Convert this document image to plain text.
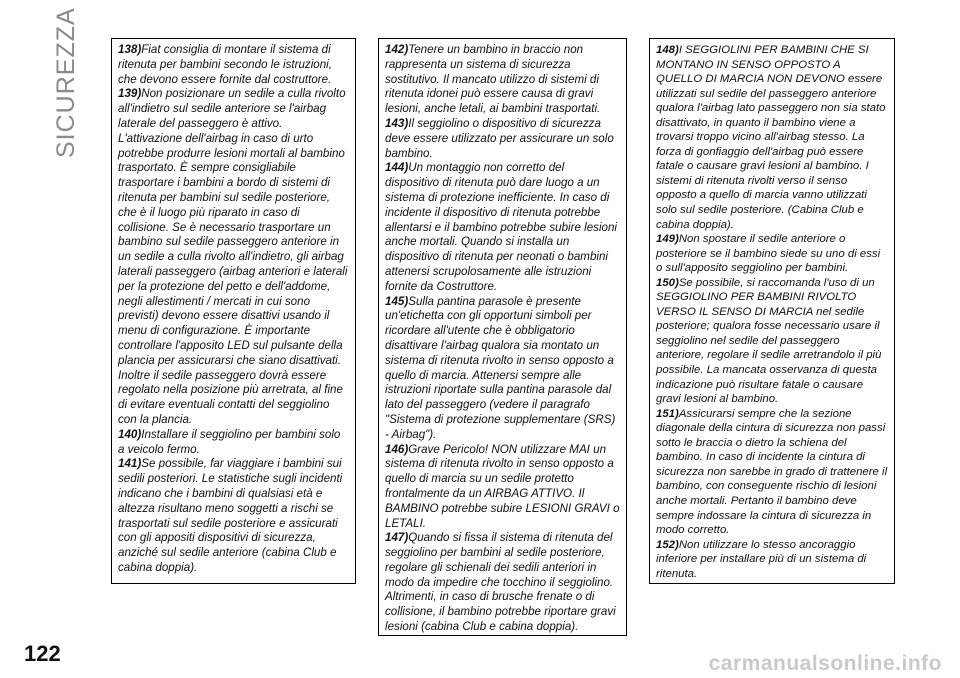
SICUREZZA	138)Fiat consiglia di montare il sistema di ritenuta per bambini secondo le istruzioni, che devono essere fornite dal costruttore.

139)Non posizionare un sedile a culla rivolto all'indietro sul sedile anteriore se l'airbag laterale del passeggero è attivo. L'attivazione dell'airbag in caso di urto potrebbe produrre lesioni mortali al bambino trasportato. È sempre consigliabile trasportare i bambini a bordo di sistemi di ritenuta per bambini sul sedile posteriore, che è il luogo più riparato in caso di collisione. Se è necessario trasportare un bambino sul sedile passeggero anteriore in un sedile a culla rivolto all'indietro, gli airbag laterali passeggero (airbag anteriori e laterali per la protezione del petto e dell'addome, negli allestimenti / mercati in cui sono previsti) devono essere disattivi usando il menu di configurazione. È importante controllare l'apposito LED sul pulsante della plancia per assicurarsi che siano disattivati. Inoltre il sedile passeggero dovrà essere regolato nella posizione più arretrata, al fine di evitare eventuali contatti del seggiolino con la plancia.

140)Installare il seggiolino per bambini solo a veicolo fermo.

141)Se possibile, far viaggiare i bambini sui sedili posteriori. Le statistiche sugli incidenti indicano che i bambini di qualsiasi età e altezza risultano meno soggetti a rischi se trasportati sul sedile posteriore e assicurati con gli appositi dispositivi di sicurezza, anziché sul sedile anteriore (cabina Club e cabina doppia).

142)Tenere un bambino in braccio non rappresenta un sistema di sicurezza sostitutivo. Il mancato utilizzo di sistemi di ritenuta idonei può essere causa di gravi lesioni, anche letali, ai bambini trasportati.

143)Il seggiolino o dispositivo di sicurezza deve essere utilizzato per assicurare un solo bambino.

144)Un montaggio non corretto del dispositivo di ritenuta può dare luogo a un sistema di protezione inefficiente. In caso di incidente il dispositivo di ritenuta potrebbe allentarsi e il bambino potrebbe subire lesioni anche mortali. Quando si installa un dispositivo di ritenuta per neonati o bambini attenersi scrupolosamente alle istruzioni fornite da Costruttore.

145)Sulla pantina parasole è presente un'etichetta con gli opportuni simboli per ricordare all'utente che è obbligatorio disattivare l'airbag qualora sia montato un sistema di ritenuta rivolto in senso opposto a quello di marcia. Attenersi sempre alle istruzioni riportate sulla pantina parasole dal lato del passeggero (vedere il paragrafo "Sistema di protezione supplementare (SRS) - Airbag").

146)Grave Pericolo! NON utilizzare MAI un sistema di ritenuta rivolto in senso opposto a quello di marcia su un sedile protetto frontalmente da un AIRBAG ATTIVO. Il BAMBINO potrebbe subire LESIONI GRAVI o LETALI.

147)Quando si fissa il sistema di ritenuta del seggiolino per bambini al sedile posteriore, regolare gli schienali dei sedili anteriori in modo da impedire che tocchino il seggiolino. Altrimenti, in caso di brusche frenate o di collisione, il bambino potrebbe riportare gravi lesioni (cabina Club e cabina doppia).

148)I SEGGIOLINI PER BAMBINI CHE SI MONTANO IN SENSO OPPOSTO A QUELLO DI MARCIA NON DEVONO essere utilizzati sul sedile del passeggero anteriore qualora l'airbag lato passeggero non sia stato disattivato, in quanto il bambino viene a trovarsi troppo vicino all'airbag stesso. La forza di gonfiaggio dell'airbag può essere fatale o causare gravi lesioni al bambino. I sistemi di ritenuta rivolti verso il senso opposto a quello di marcia vanno utilizzati solo sul sedile posteriore. (Cabina Club e cabina doppia).

149)Non spostare il sedile anteriore o posteriore se il bambino siede su uno di essi o sull'apposito seggiolino per bambini.

150)Se possibile, si raccomanda l'uso di un SEGGIOLINO PER BAMBINI RIVOLTO VERSO IL SENSO DI MARCIA nel sedile posteriore; qualora fosse necessario usare il seggiolino nel sedile del passeggero anteriore, regolare il sedile arretrandolo il più possibile. La mancata osservanza di questa indicazione può risultare fatale o causare gravi lesioni al bambino.

151)Assicurarsi sempre che la sezione diagonale della cintura di sicurezza non passi sotto le braccia o dietro la schiena del bambino. In caso di incidente la cintura di sicurezza non sarebbe in grado di trattenere il bambino, con conseguente rischio di lesioni anche mortali. Pertanto il bambino deve sempre indossare la cintura di sicurezza in modo corretto.

152)Non utilizzare lo stesso ancoraggio inferiore per installare più di un sistema di ritenuta.

122	carmanualsonline.info
